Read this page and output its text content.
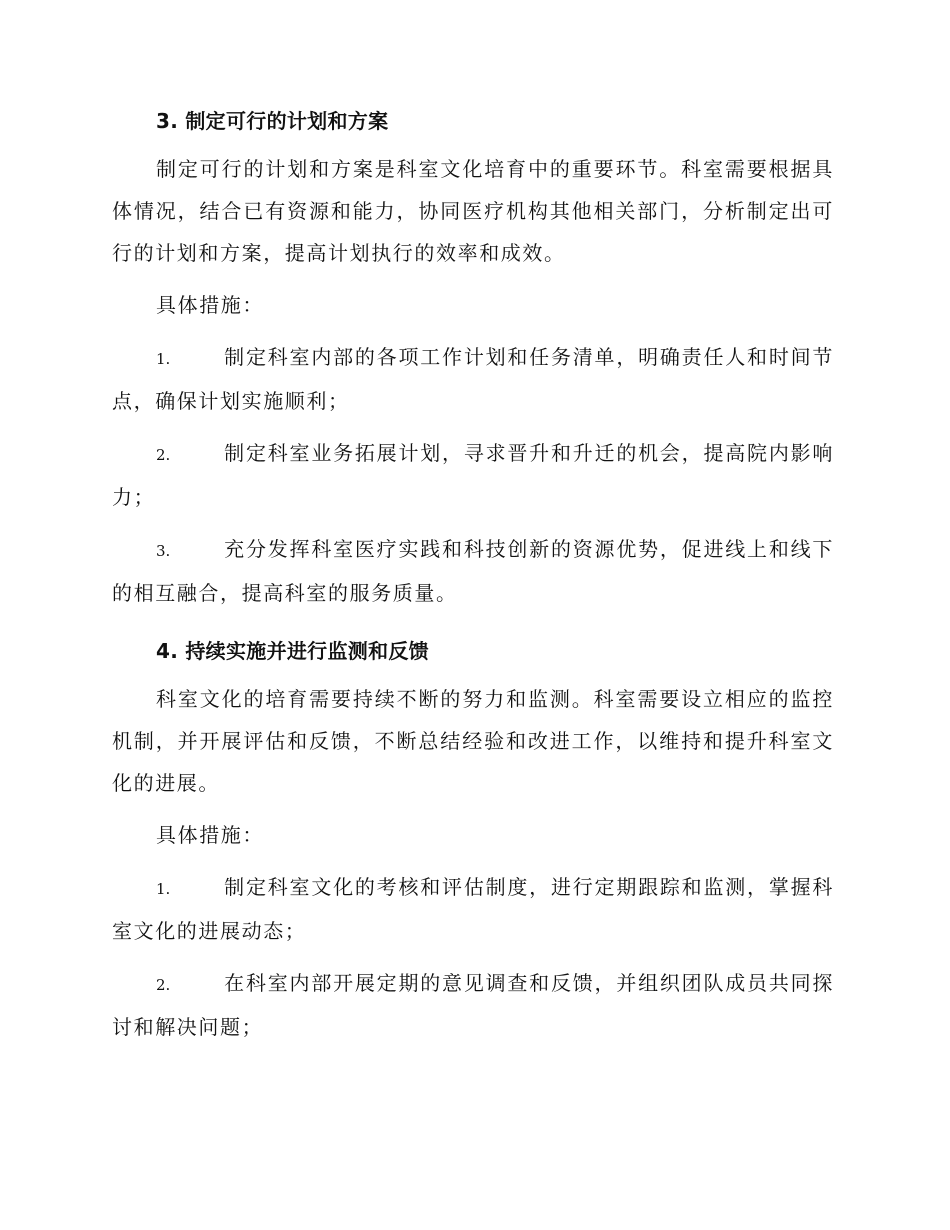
3. 制定可行的计划和方案

制定可行的计划和方案是科室文化培育中的重要环节。科室需要根据具体情况，结合已有资源和能力，协同医疗机构其他相关部门，分析制定出可行的计划和方案，提高计划执行的效率和成效。

具体措施：

1.	制定科室内部的各项工作计划和任务清单，明确责任人和时间节点，确保计划实施顺利；

2.	制定科室业务拓展计划，寻求晋升和升迁的机会，提高院内影响力；

3.	充分发挥科室医疗实践和科技创新的资源优势，促进线上和线下的相互融合，提高科室的服务质量。

4. 持续实施并进行监测和反馈

科室文化的培育需要持续不断的努力和监测。科室需要设立相应的监控机制，并开展评估和反馈，不断总结经验和改进工作，以维持和提升科室文化的进展。

具体措施：

1.	制定科室文化的考核和评估制度，进行定期跟踪和监测，掌握科室文化的进展动态；

2.	在科室内部开展定期的意见调查和反馈，并组织团队成员共同探讨和解决问题；
